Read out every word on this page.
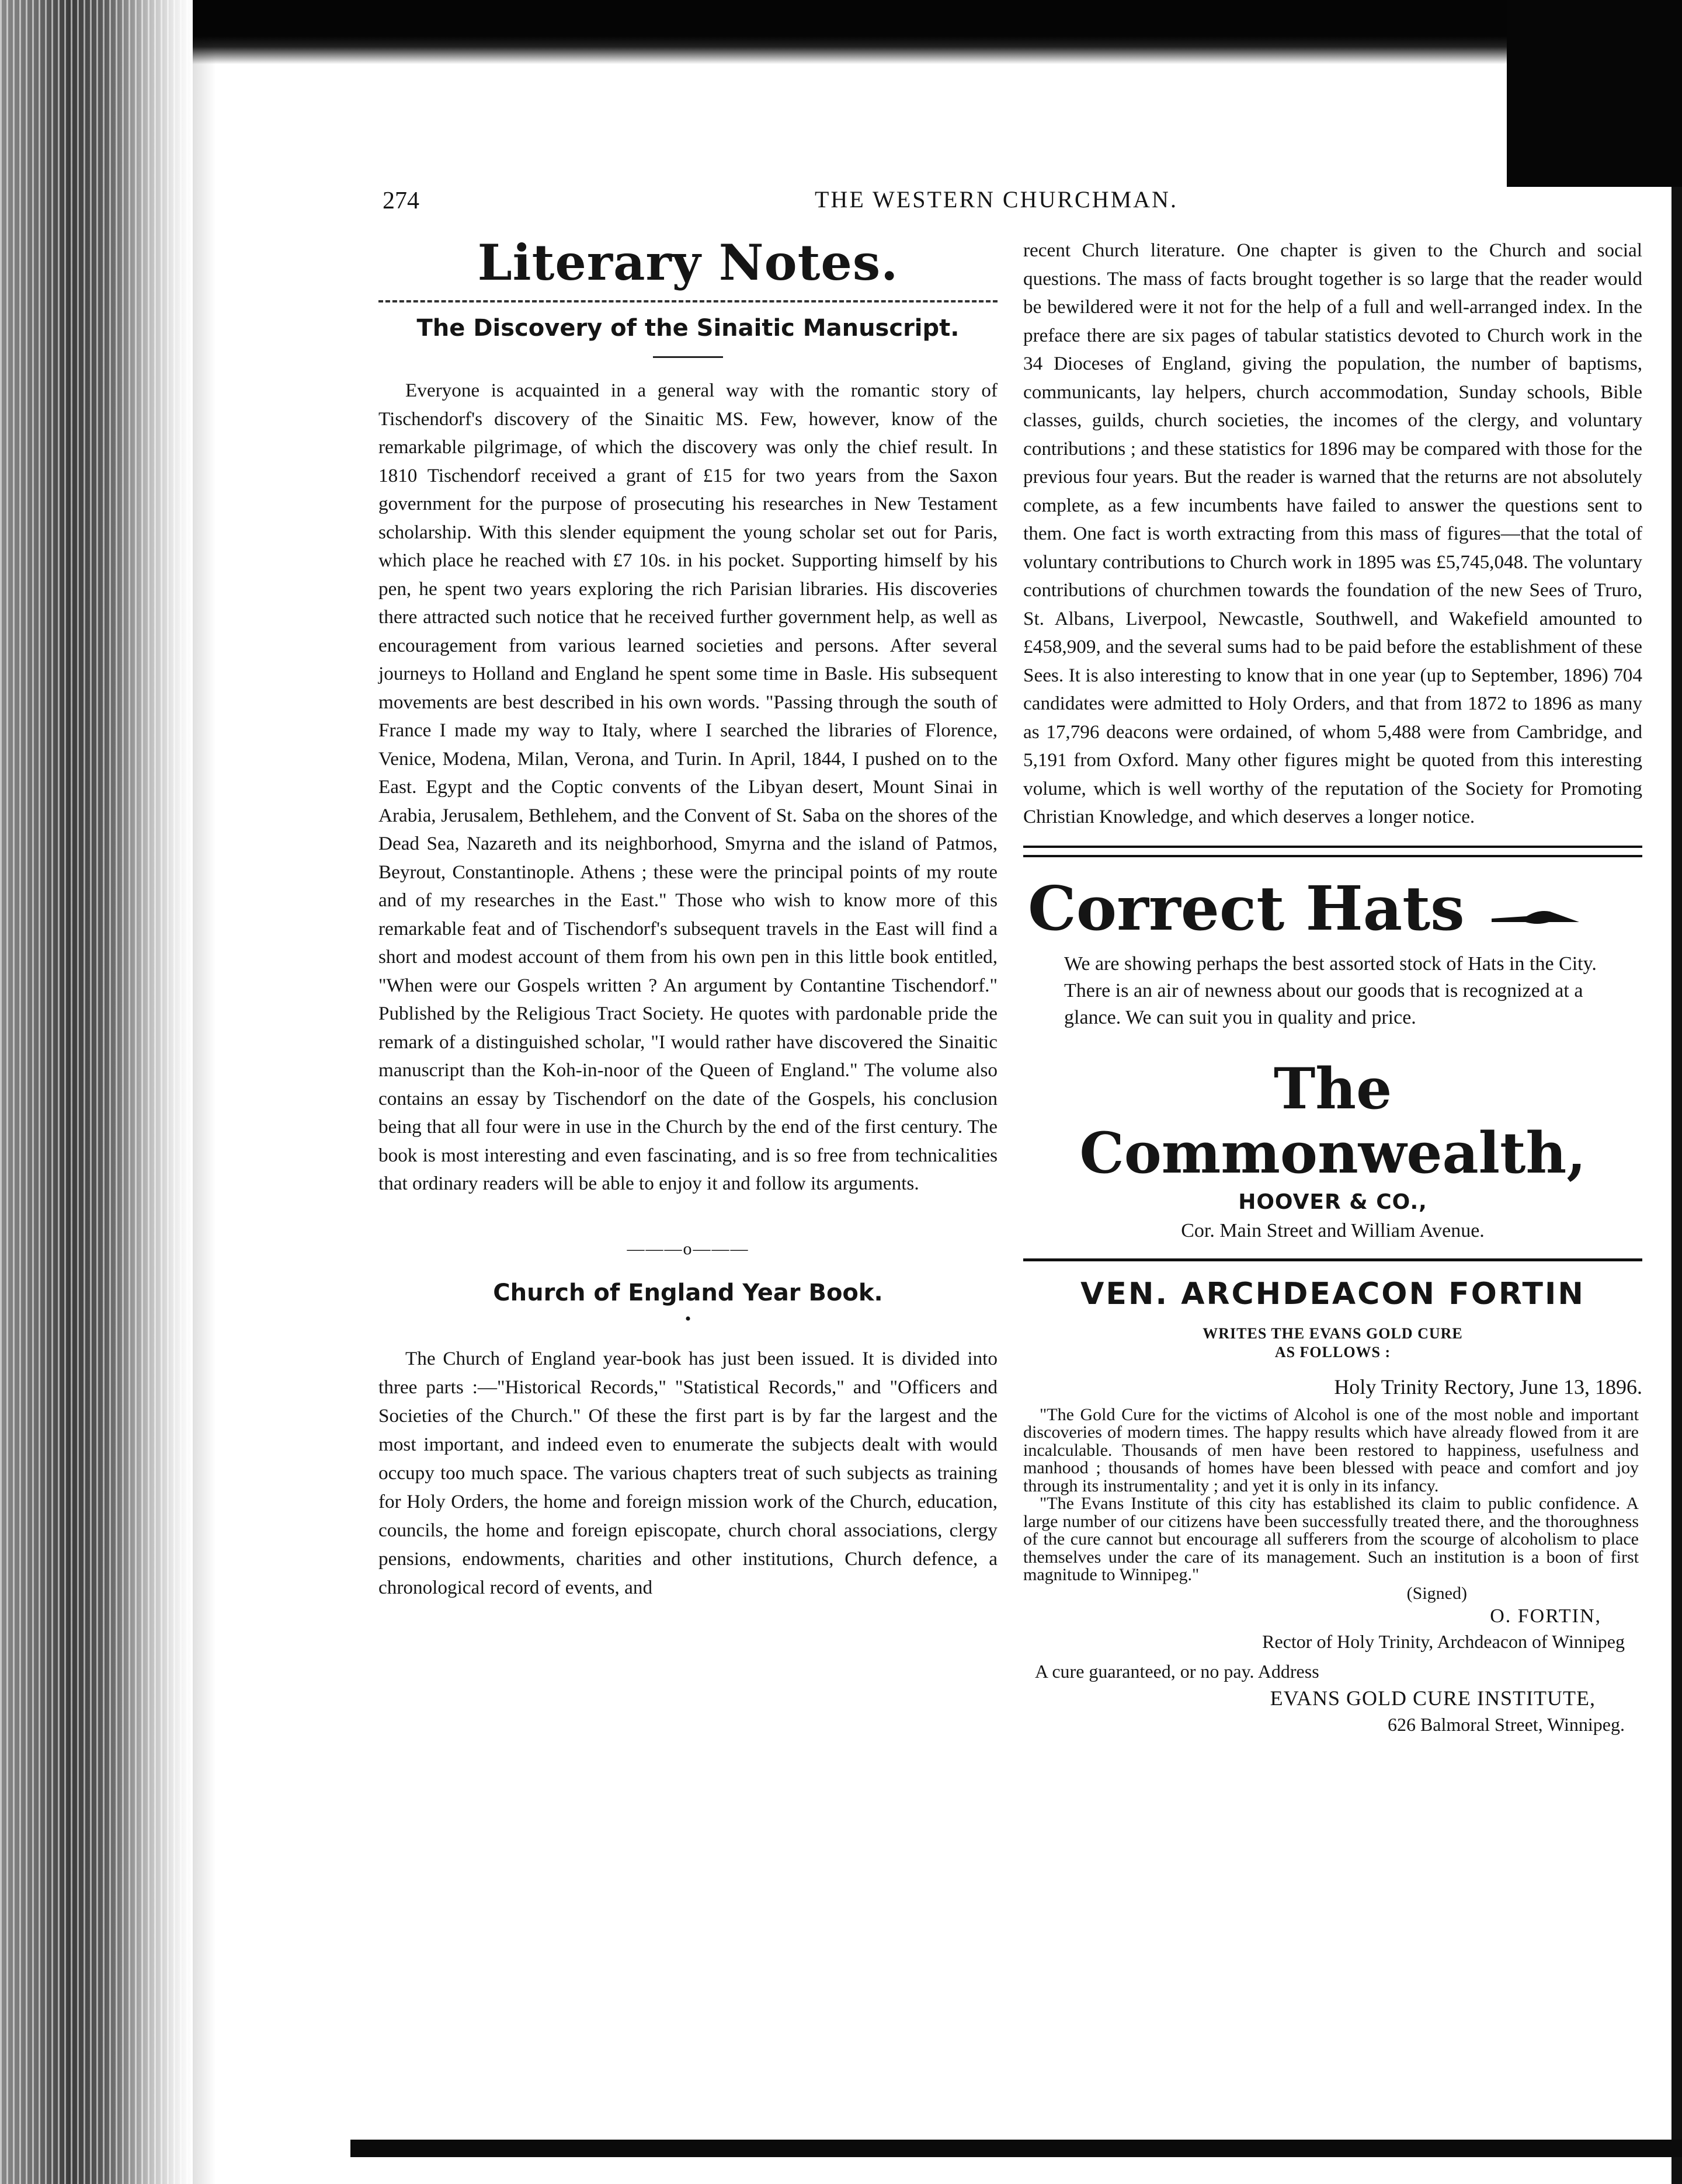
274	THE WESTERN CHURCHMAN.
Literary Notes.
The Discovery of the Sinaitic Manuscript.

Everyone is acquainted in a general way with the romantic story of Tischendorf's discovery of the Sinaitic MS. Few, however, know of the remarkable pilgrimage, of which the discovery was only the chief result. In 1810 Tischendorf received a grant of £15 for two years from the Saxon government for the purpose of prosecuting his researches in New Testament scholarship. With this slender equipment the young scholar set out for Paris, which place he reached with £7 10s. in his pocket. Supporting himself by his pen, he spent two years exploring the rich Parisian libraries. His discoveries there attracted such notice that he received further government help, as well as encouragement from various learned societies and persons. After several journeys to Holland and England he spent some time in Basle. His subsequent movements are best described in his own words. "Passing through the south of France I made my way to Italy, where I searched the libraries of Florence, Venice, Modena, Milan, Verona, and Turin. In April, 1844, I pushed on to the East. Egypt and the Coptic convents of the Libyan desert, Mount Sinai in Arabia, Jerusalem, Bethlehem, and the Convent of St. Saba on the shores of the Dead Sea, Nazareth and its neighborhood, Smyrna and the island of Patmos, Beyrout, Constantinople. Athens ; these were the principal points of my route and of my researches in the East." Those who wish to know more of this remarkable feat and of Tischendorf's subsequent travels in the East will find a short and modest account of them from his own pen in this little book entitled, "When were our Gospels written ? An argument by Contantine Tischendorf." Published by the Religious Tract Society. He quotes with pardonable pride the remark of a distinguished scholar, "I would rather have discovered the Sinaitic manuscript than the Koh-in-noor of the Queen of England." The volume also contains an essay by Tischendorf on the date of the Gospels, his conclusion being that all four were in use in the Church by the end of the first century. The book is most interesting and even fascinating, and is so free from technicalities that ordinary readers will be able to enjoy it and follow its arguments.

———o———
Church of England Year Book.
•

The Church of England year-book has just been issued. It is divided into three parts :—"Historical Records," "Statistical Records," and "Officers and Societies of the Church." Of these the first part is by far the largest and the most important, and indeed even to enumerate the subjects dealt with would occupy too much space. The various chapters treat of such subjects as training for Holy Orders, the home and foreign mission work of the Church, education, councils, the home and foreign episcopate, church choral associations, clergy pensions, endowments, charities and other institutions, Church defence, a chronological record of events, and

recent Church literature. One chapter is given to the Church and social questions. The mass of facts brought together is so large that the reader would be bewildered were it not for the help of a full and well-arranged index. In the preface there are six pages of tabular statistics devoted to Church work in the 34 Dioceses of England, giving the population, the number of baptisms, communicants, lay helpers, church accommodation, Sunday schools, Bible classes, guilds, church societies, the incomes of the clergy, and voluntary contributions ; and these statistics for 1896 may be compared with those for the previous four years. But the reader is warned that the returns are not absolutely complete, as a few incumbents have failed to answer the questions sent to them. One fact is worth extracting from this mass of figures—that the total of voluntary contributions to Church work in 1895 was £5,745,048. The voluntary contributions of churchmen towards the foundation of the new Sees of Truro, St. Albans, Liverpool, Newcastle, Southwell, and Wakefield amounted to £458,909, and the several sums had to be paid before the establishment of these Sees. It is also interesting to know that in one year (up to September, 1896) 704 candidates were admitted to Holy Orders, and that from 1872 to 1896 as many as 17,796 deacons were ordained, of whom 5,488 were from Cambridge, and 5,191 from Oxford. Many other figures might be quoted from this interesting volume, which is well worthy of the reputation of the Society for Promoting Christian Knowledge, and which deserves a longer notice.

Correct Hats

We are showing perhaps the best assorted stock of Hats in the City. There is an air of newness about our goods that is recognized at a glance. We can suit you in quality and price.

The Commonwealth,
HOOVER & CO.,
Cor. Main Street and William Avenue.
VEN. ARCHDEACON FORTIN
WRITES THE EVANS GOLD CURE
AS FOLLOWS :
Holy Trinity Rectory, June 13, 1896.

"The Gold Cure for the victims of Alcohol is one of the most noble and important discoveries of modern times. The happy results which have already flowed from it are incalculable. Thousands of men have been restored to happiness, usefulness and manhood ; thousands of homes have been blessed with peace and comfort and joy through its instrumentality ; and yet it is only in its infancy.

"The Evans Institute of this city has established its claim to public confidence. A large number of our citizens have been successfully treated there, and the thoroughness of the cure cannot but encourage all sufferers from the scourge of alcoholism to place themselves under the care of its management. Such an institution is a boon of first magnitude to Winnipeg."

(Signed)
O. FORTIN,
Rector of Holy Trinity, Archdeacon of Winnipeg
A cure guaranteed, or no pay. Address
EVANS GOLD CURE INSTITUTE,
626 Balmoral Street, Winnipeg.
